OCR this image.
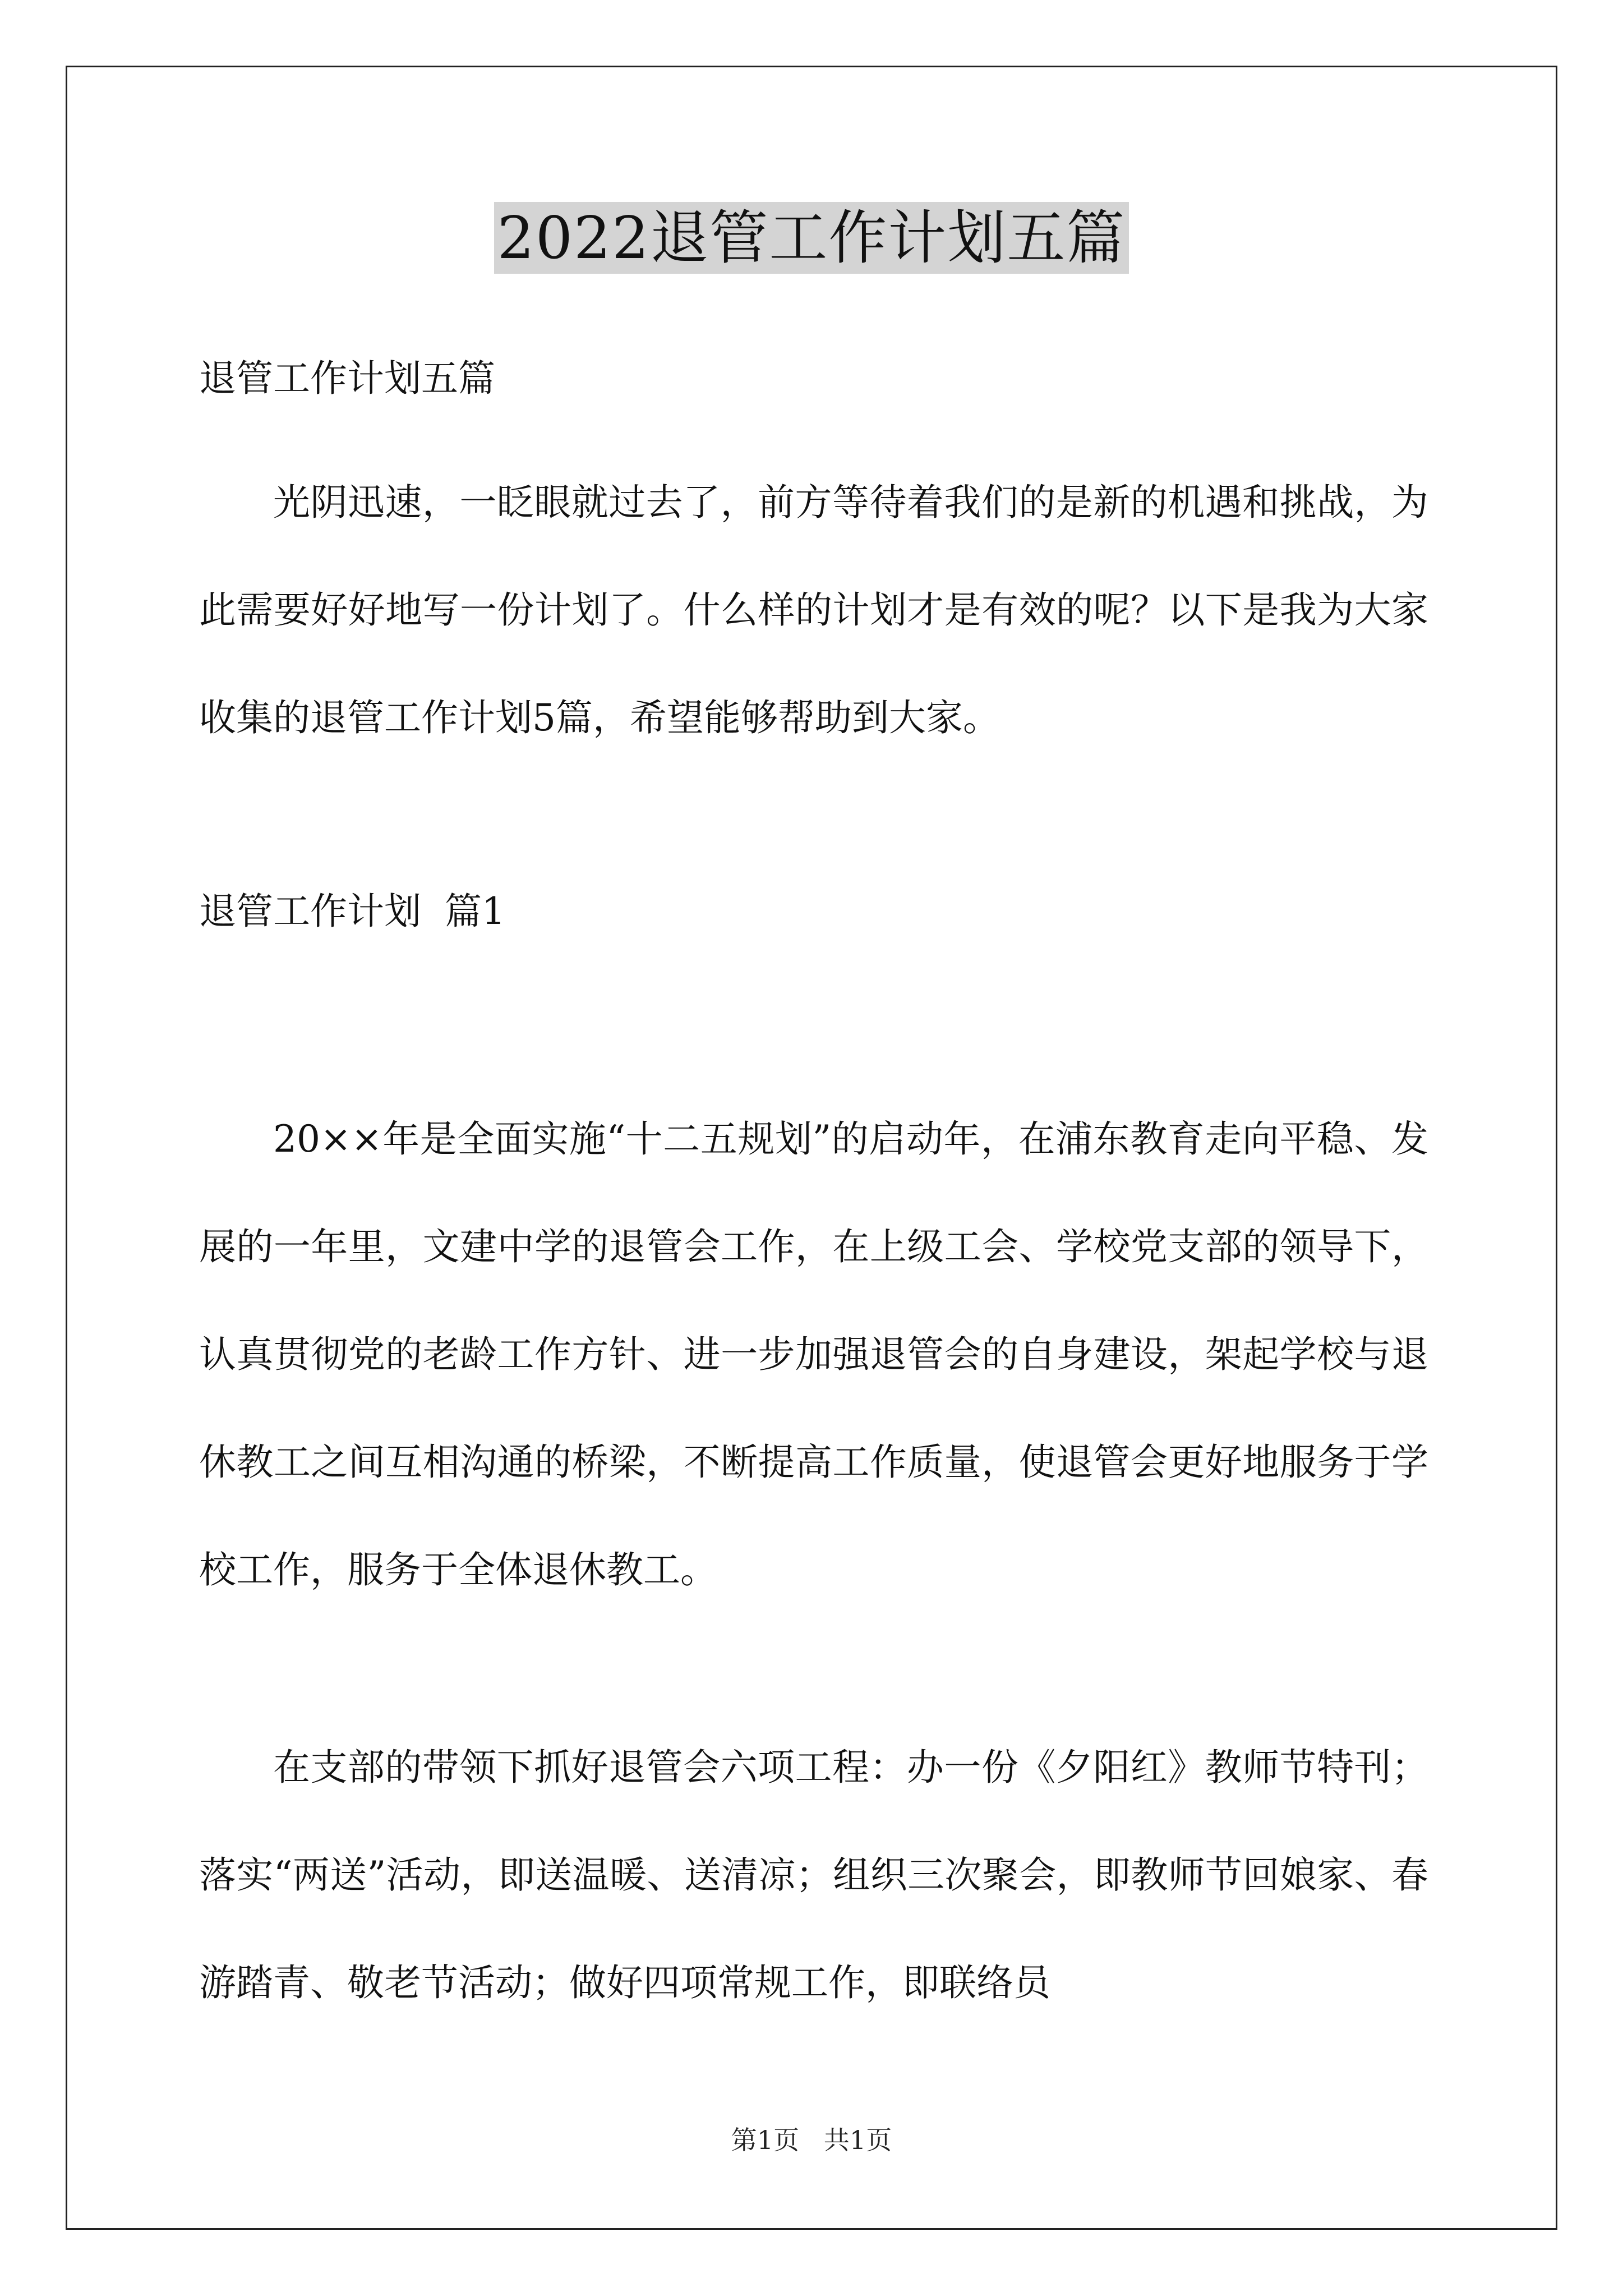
2022退管工作计划五篇
退管工作计划五篇

光阴迅速，一眨眼就过去了，前方等待着我们的是新的机遇和挑战，为此需要好好地写一份计划了。什么样的计划才是有效的呢？以下是我为大家收集的退管工作计划5篇，希望能够帮助到大家。

退管工作计划  篇1

20××年是全面实施“十二五规划”的启动年，在浦东教育走向平稳、发展的一年里，文建中学的退管会工作，在上级工会、学校党支部的领导下，认真贯彻党的老龄工作方针、进一步加强退管会的自身建设，架起学校与退休教工之间互相沟通的桥梁，不断提高工作质量，使退管会更好地服务于学校工作，服务于全体退休教工。

在支部的带领下抓好退管会六项工程：办一份《夕阳红》教师节特刊；落实“两送”活动，即送温暖、送清凉；组织三次聚会，即教师节回娘家、春游踏青、敬老节活动；做好四项常规工作，即联络员

第1页   共1页
